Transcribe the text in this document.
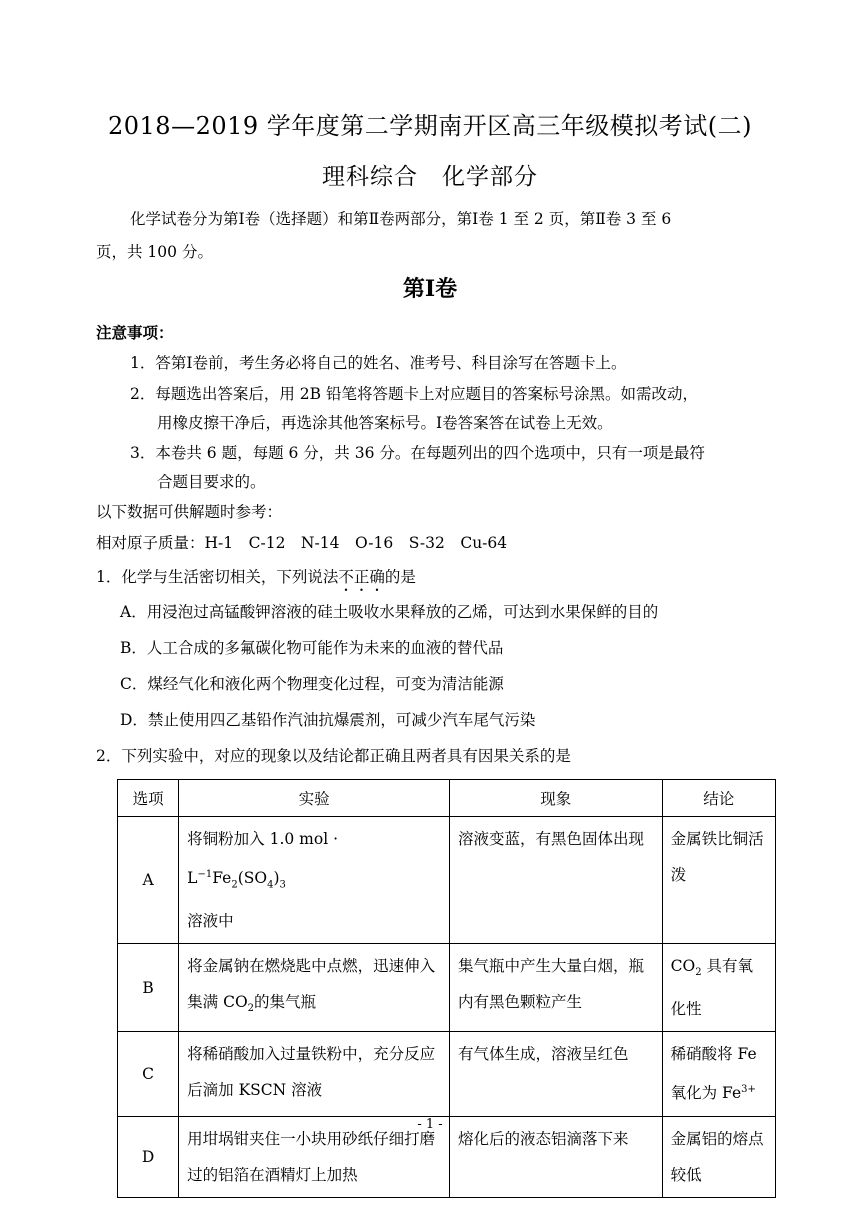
2018—2019 学年度第二学期南开区高三年级模拟考试(二)
理科综合　化学部分
化学试卷分为第Ⅰ卷（选择题）和第Ⅱ卷两部分，第Ⅰ卷 1 至 2 页，第Ⅱ卷 3 至 6
页，共 100 分。
第Ⅰ卷
注意事项：
1．答第Ⅰ卷前，考生务必将自己的姓名、准考号、科目涂写在答题卡上。
2．每题选出答案后，用 2B 铅笔将答题卡上对应题目的答案标号涂黑。如需改动，
用橡皮擦干净后，再选涂其他答案标号。Ⅰ卷答案答在试卷上无效。
3．本卷共 6 题，每题 6 分，共 36 分。在每题列出的四个选项中，只有一项是最符
合题目要求的。
以下数据可供解题时参考：
相对原子质量：H-1　C-12　N-14　O-16　S-32　Cu-64
1．化学与生活密切相关，下列说法不正确的是
A．用浸泡过高锰酸钾溶液的硅土吸收水果释放的乙烯，可达到水果保鲜的目的
B．人工合成的多氟碳化物可能作为未来的血液的替代品
C．煤经气化和液化两个物理变化过程，可变为清洁能源
D．禁止使用四乙基铅作汽油抗爆震剂，可减少汽车尾气污染
2．下列实验中，对应的现象以及结论都正确且两者具有因果关系的是
选项	实验	现象	结论
A	将铜粉加入 1.0 mol · $L^{-1}Fe_2(SO_4)_3$
溶液中	溶液变蓝，有黑色固体出现	金属铁比铜活泼
B	将金属钠在燃烧匙中点燃，迅速伸入集满 $CO_2$的集气瓶	集气瓶中产生大量白烟，瓶内有黑色颗粒产生	$CO_2$ 具有氧化性
C	将稀硝酸加入过量铁粉中，充分反应后滴加 KSCN 溶液	有气体生成，溶液呈红色	稀硝酸将 Fe 氧化为 $Fe^{3+}$
D	用坩埚钳夹住一小块用砂纸仔细打磨过的铝箔在酒精灯上加热	熔化后的液态铝滴落下来	金属铝的熔点较低
- 1 -
